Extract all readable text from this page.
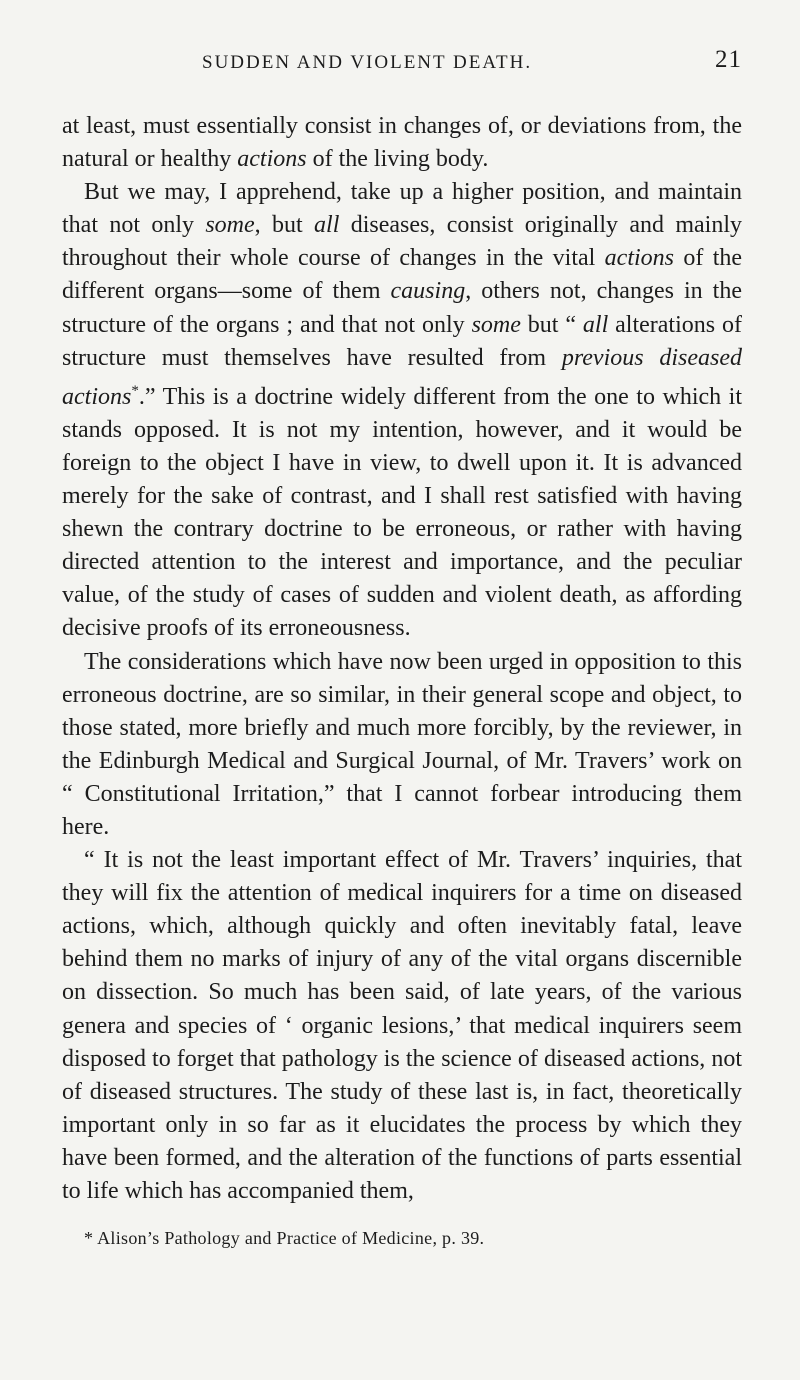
SUDDEN AND VIOLENT DEATH.	21

at least, must essentially consist in changes of, or deviations from, the natural or healthy actions of the living body.

But we may, I apprehend, take up a higher position, and maintain that not only some, but all diseases, consist originally and mainly throughout their whole course of changes in the vital actions of the different organs—some of them causing, others not, changes in the structure of the organs ; and that not only some but “ all alterations of structure must themselves have resulted from previous diseased actions*.” This is a doctrine widely different from the one to which it stands opposed. It is not my intention, however, and it would be foreign to the object I have in view, to dwell upon it. It is advanced merely for the sake of contrast, and I shall rest satisfied with having shewn the contrary doctrine to be erroneous, or rather with having directed attention to the interest and importance, and the peculiar value, of the study of cases of sudden and violent death, as affording decisive proofs of its erroneousness.

The considerations which have now been urged in opposition to this erroneous doctrine, are so similar, in their general scope and object, to those stated, more briefly and much more forcibly, by the reviewer, in the Edinburgh Medical and Surgical Journal, of Mr. Travers’ work on “ Constitutional Irritation,” that I cannot forbear introducing them here.

“ It is not the least important effect of Mr. Travers’ inquiries, that they will fix the attention of medical inquirers for a time on diseased actions, which, although quickly and often inevitably fatal, leave behind them no marks of injury of any of the vital organs discernible on dissection. So much has been said, of late years, of the various genera and species of ‘ organic lesions,’ that medical inquirers seem disposed to forget that pathology is the science of diseased actions, not of diseased structures. The study of these last is, in fact, theoretically important only in so far as it elucidates the process by which they have been formed, and the alteration of the functions of parts essential to life which has accompanied them,

* Alison’s Pathology and Practice of Medicine, p. 39.
